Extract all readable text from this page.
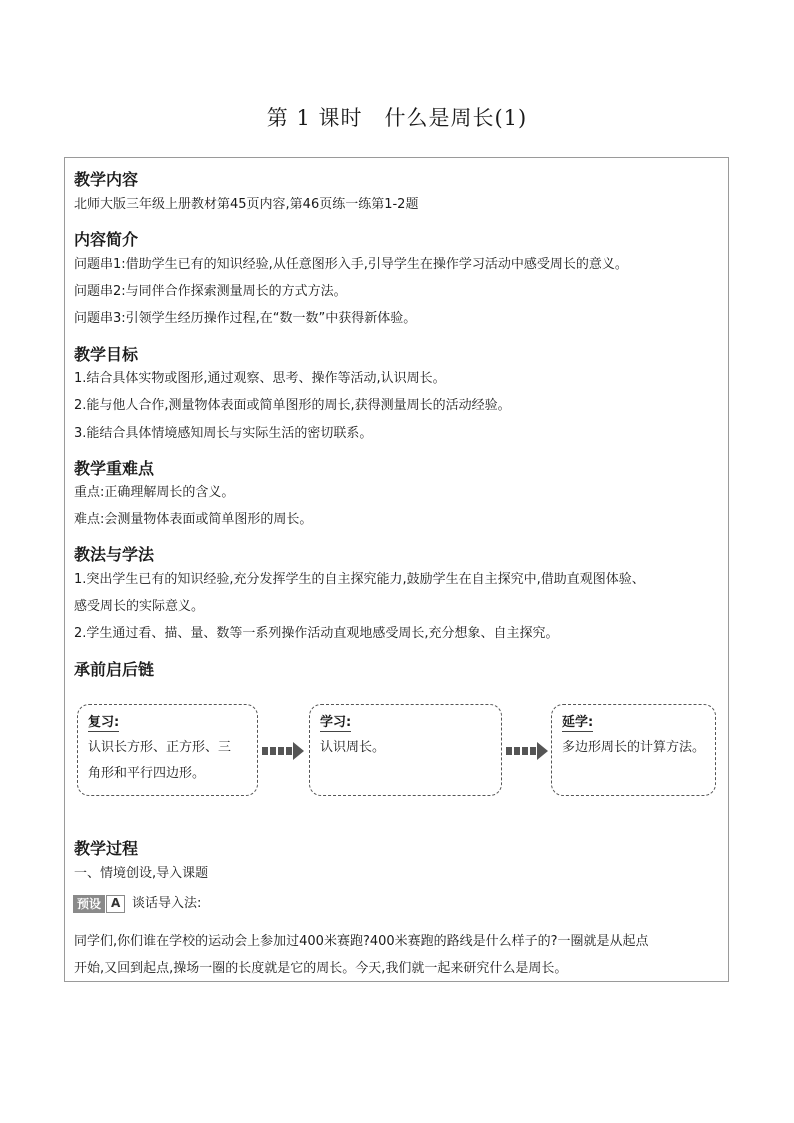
第 1 课时　什么是周长(1)
教学内容
北师大版三年级上册教材第45页内容,第46页练一练第1-2题
内容简介
问题串1:借助学生已有的知识经验,从任意图形入手,引导学生在操作学习活动中感受周长的意义。
问题串2:与同伴合作探索测量周长的方式方法。
问题串3:引领学生经历操作过程,在“数一数”中获得新体验。
教学目标
1.结合具体实物或图形,通过观察、思考、操作等活动,认识周长。
2.能与他人合作,测量物体表面或简单图形的周长,获得测量周长的活动经验。
3.能结合具体情境感知周长与实际生活的密切联系。
教学重难点
重点:正确理解周长的含义。
难点:会测量物体表面或简单图形的周长。
教法与学法
1.突出学生已有的知识经验,充分发挥学生的自主探究能力,鼓励学生在自主探究中,借助直观图体验、
感受周长的实际意义。
2.学生通过看、描、量、数等一系列操作活动直观地感受周长,充分想象、自主探究。
承前启后链
复习:
认识长方形、正方形、三
角形和平行四边形。
学习:
认识周长。
延学:
多边形周长的计算方法。
教学过程
一、情境创设,导入课题
预设 A 谈话导入法:
同学们,你们谁在学校的运动会上参加过400米赛跑?400米赛跑的路线是什么样子的?一圈就是从起点
开始,又回到起点,操场一圈的长度就是它的周长。今天,我们就一起来研究什么是周长。
